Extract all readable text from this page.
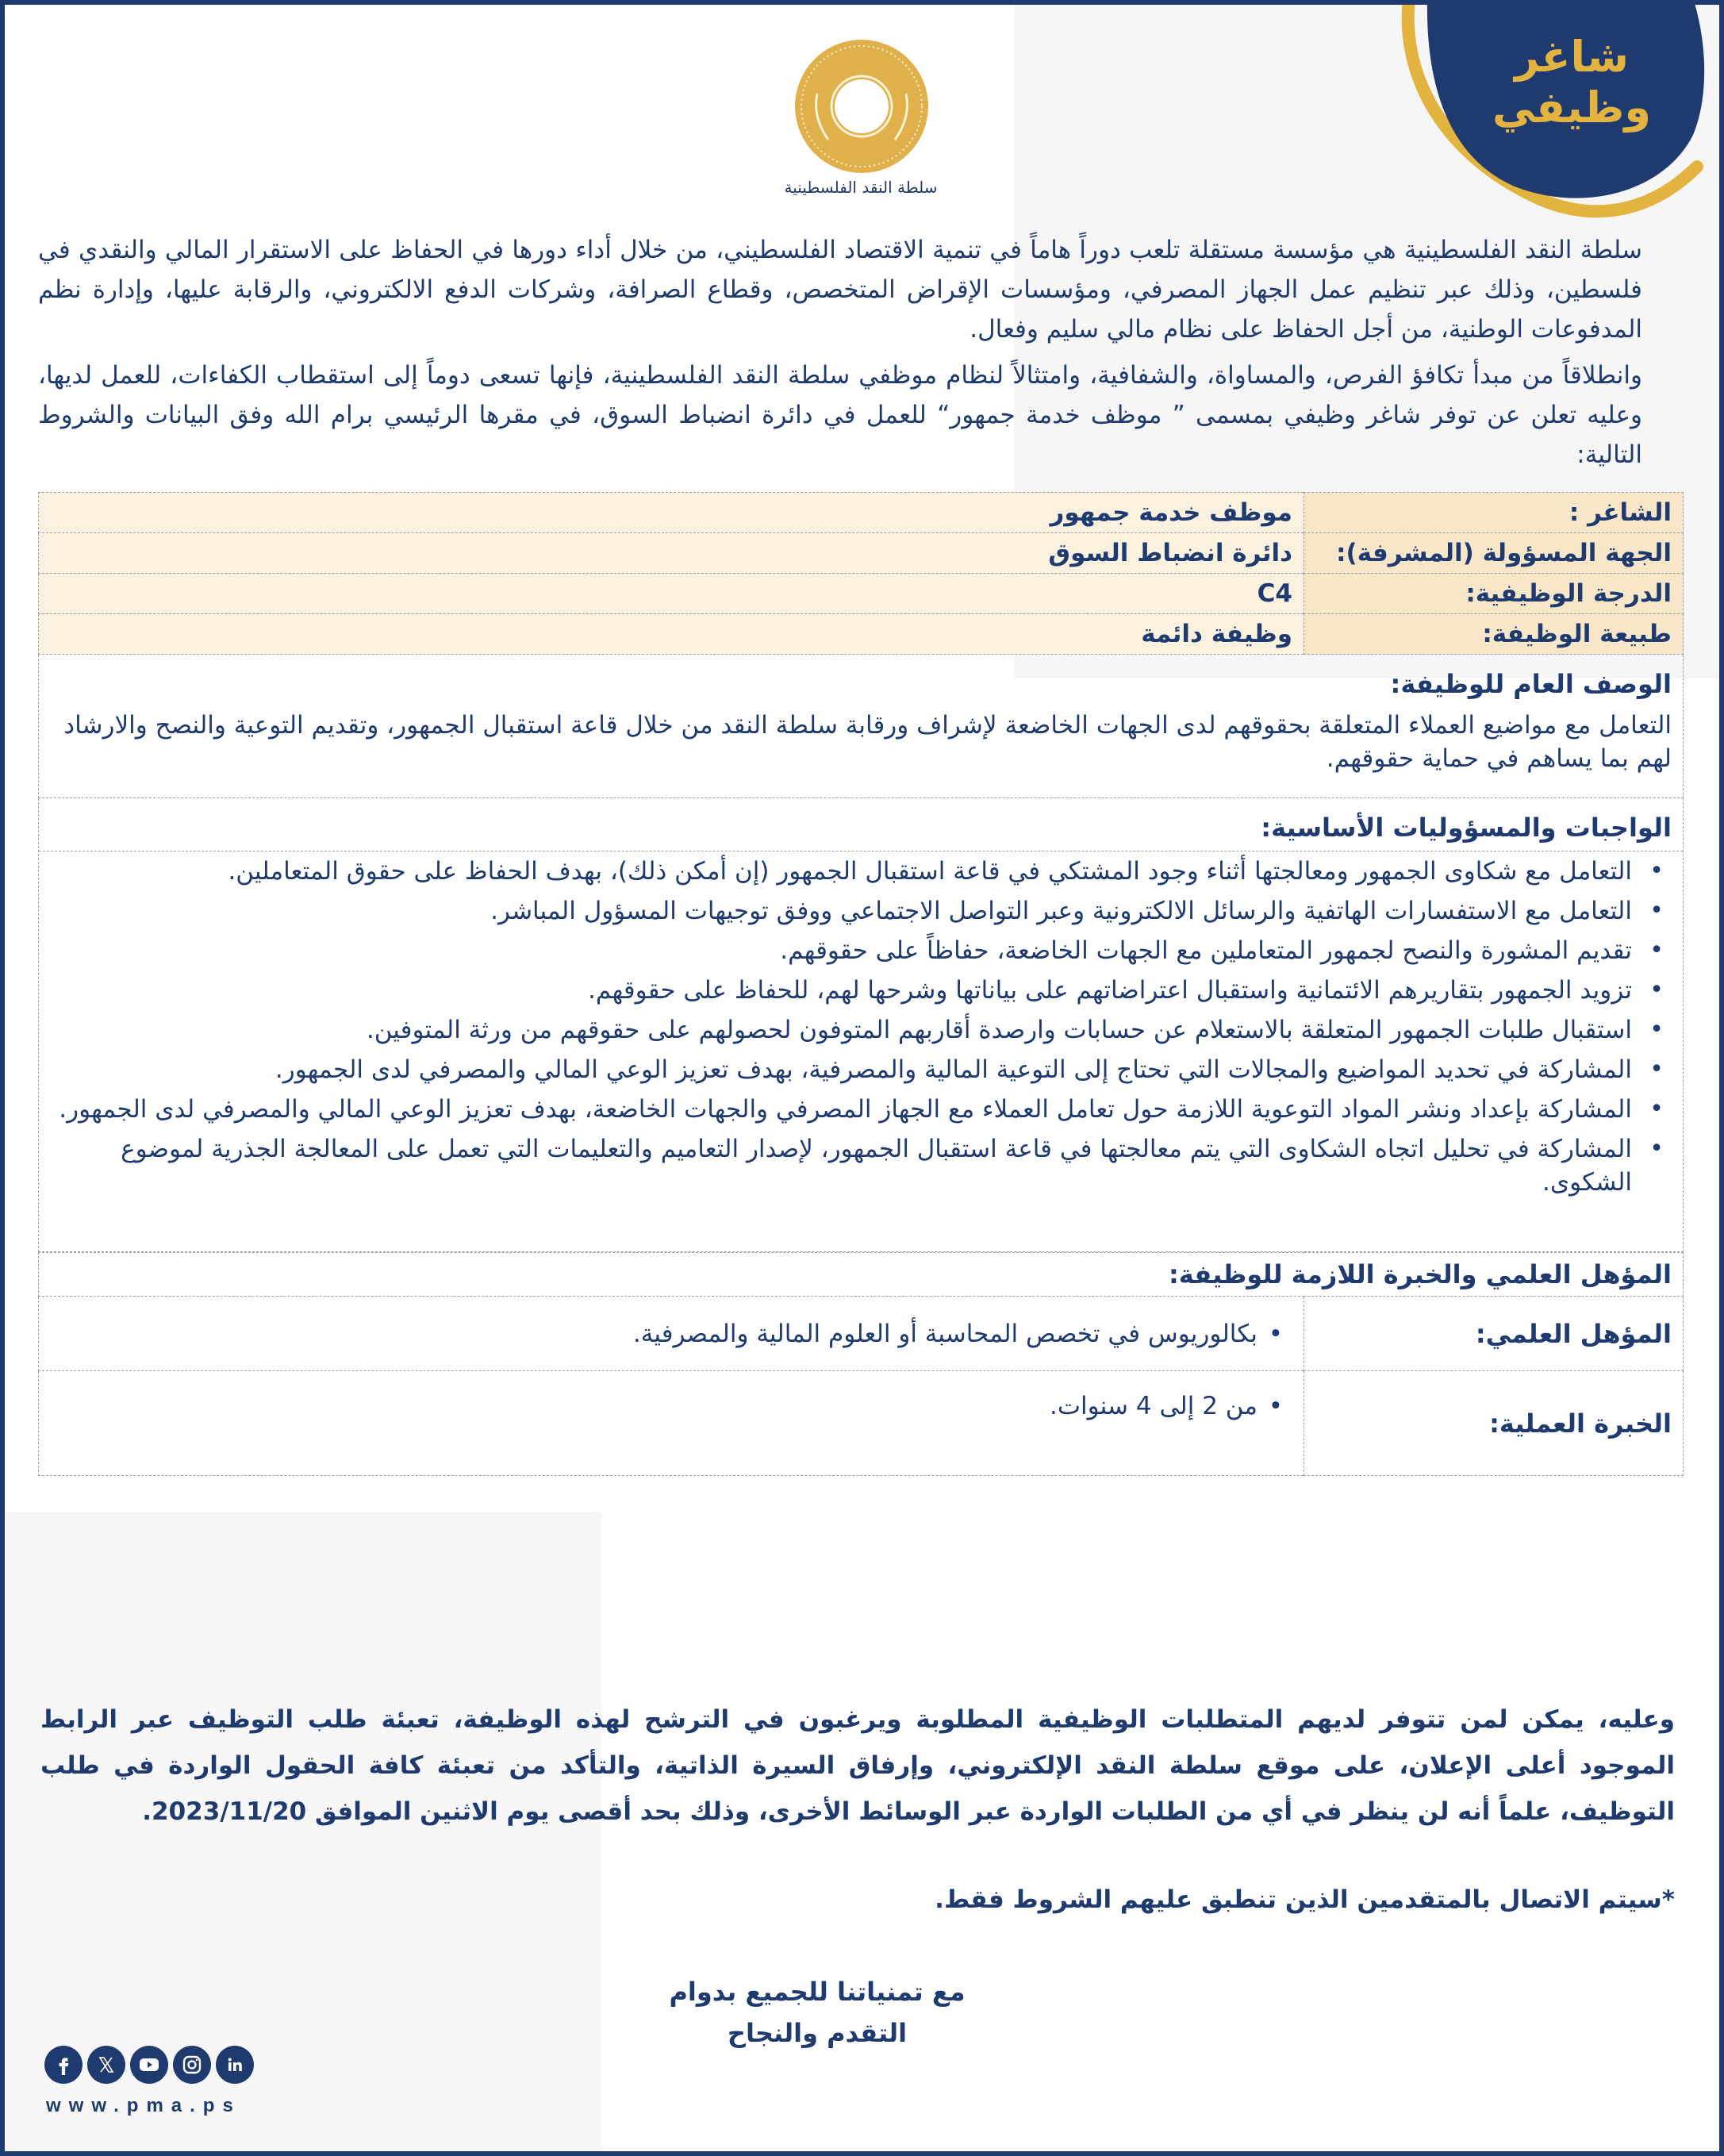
شاغر
وظيفي
سلطة النقد الفلسطينية

سلطة النقد الفلسطينية هي مؤسسة مستقلة تلعب دوراً هاماً في تنمية الاقتصاد الفلسطيني، من خلال أداء دورها في الحفاظ على الاستقرار المالي والنقدي في فلسطين، وذلك عبر تنظيم عمل الجهاز المصرفي، ومؤسسات الإقراض المتخصص، وقطاع الصرافة، وشركات الدفع الالكتروني، والرقابة عليها، وإدارة نظم المدفوعات الوطنية، من أجل الحفاظ على نظام مالي سليم وفعال.

وانطلاقاً من مبدأ تكافؤ الفرص، والمساواة، والشفافية، وامتثالاً لنظام موظفي سلطة النقد الفلسطينية، فإنها تسعى دوماً إلى استقطاب الكفاءات، للعمل لديها، وعليه تعلن عن توفر شاغر وظيفي بمسمى ” موظف خدمة جمهور“ للعمل في دائرة انضباط السوق، في مقرها الرئيسي برام الله وفق البيانات والشروط التالية:

الشاغر :	موظف خدمة جمهور
الجهة المسؤولة (المشرفة):	دائرة انضباط السوق
الدرجة الوظيفية:	C4
طبيعة الوظيفة:	وظيفة دائمة
الوصف العام للوظيفة:

التعامل مع مواضيع العملاء المتعلقة بحقوقهم لدى الجهات الخاضعة لإشراف ورقابة سلطة النقد من خلال قاعة استقبال الجمهور، وتقديم التوعية والنصح والارشاد لهم بما يساهم في حماية حقوقهم.

الواجبات والمسؤوليات الأساسية:
• التعامل مع شكاوى الجمهور ومعالجتها أثناء وجود المشتكي في قاعة استقبال الجمهور (إن أمكن ذلك)، بهدف الحفاظ على حقوق المتعاملين.
• التعامل مع الاستفسارات الهاتفية والرسائل الالكترونية وعبر التواصل الاجتماعي ووفق توجيهات المسؤول المباشر.
• تقديم المشورة والنصح لجمهور المتعاملين مع الجهات الخاضعة، حفاظاً على حقوقهم.
• تزويد الجمهور بتقاريرهم الائتمانية واستقبال اعتراضاتهم على بياناتها وشرحها لهم، للحفاظ على حقوقهم.
• استقبال طلبات الجمهور المتعلقة بالاستعلام عن حسابات وارصدة أقاربهم المتوفون لحصولهم على حقوقهم من ورثة المتوفين.
• المشاركة في تحديد المواضيع والمجالات التي تحتاج إلى التوعية المالية والمصرفية، بهدف تعزيز الوعي المالي والمصرفي لدى الجمهور.
• المشاركة بإعداد ونشر المواد التوعوية اللازمة حول تعامل العملاء مع الجهاز المصرفي والجهات الخاضعة، بهدف تعزيز الوعي المالي والمصرفي لدى الجمهور.
• المشاركة في تحليل اتجاه الشكاوى التي يتم معالجتها في قاعة استقبال الجمهور، لإصدار التعاميم والتعليمات التي تعمل على المعالجة الجذرية لموضوع الشكوى.
المؤهل العلمي والخبرة اللازمة للوظيفة:	
المؤهل العلمي:	• بكالوريوس في تخصص المحاسبة أو العلوم المالية والمصرفية.
الخبرة العملية:	• من 2 إلى 4 سنوات.
وعليه، يمكن لمن تتوفر لديهم المتطلبات الوظيفية المطلوبة ويرغبون في الترشح لهذه الوظيفة، تعبئة طلب التوظيف عبر الرابط الموجود أعلى الإعلان، على موقع سلطة النقد الإلكتروني، وإرفاق السيرة الذاتية، والتأكد من تعبئة كافة الحقول الواردة في طلب التوظيف، علماً أنه لن ينظر في أي من الطلبات الواردة عبر الوسائط الأخرى، وذلك بحد أقصى يوم الاثنين الموافق 2023/11/20.
*سيتم الاتصال بالمتقدمين الذين تنطبق عليهم الشروط فقط.
مع تمنياتنا للجميع بدوام
التقدم والنجاح
www.pma.ps
